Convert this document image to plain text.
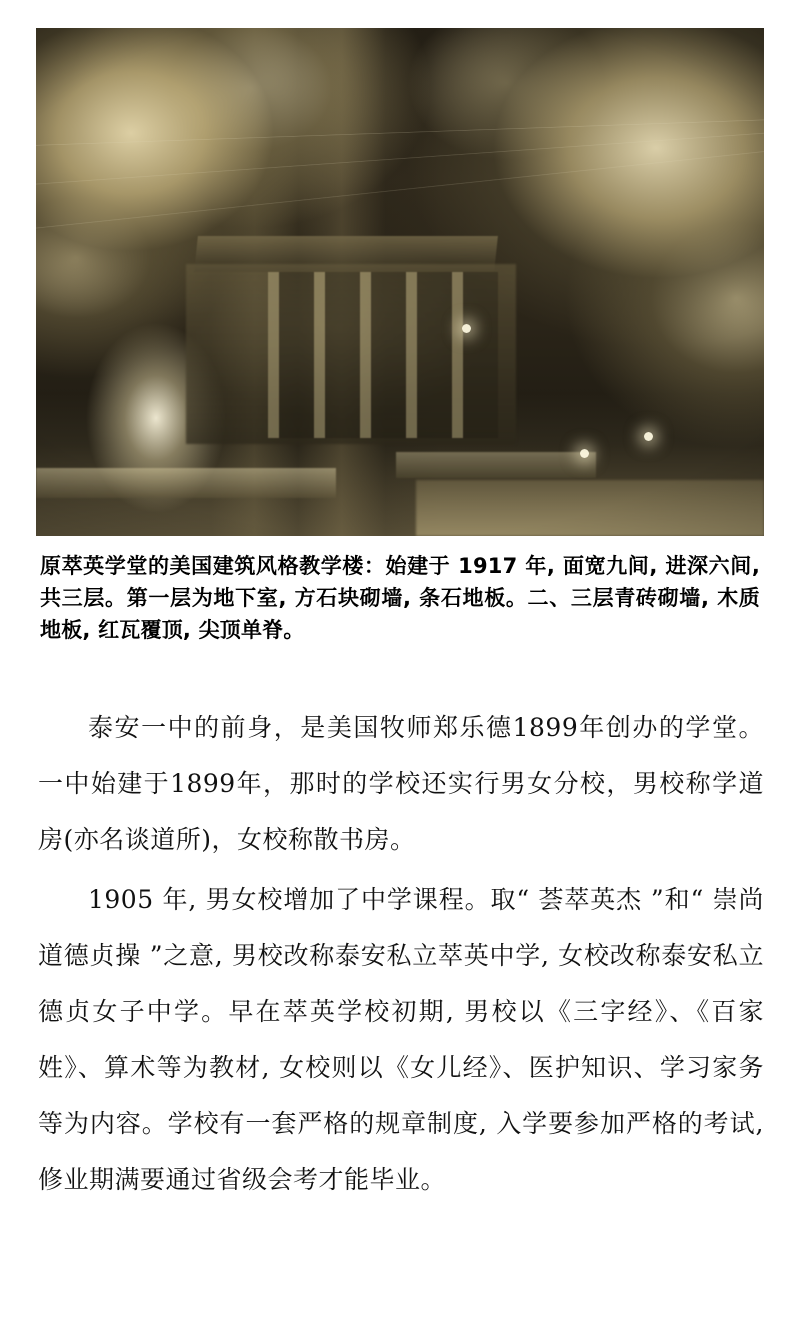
原萃英学堂的美国建筑风格教学楼：始建于 1917 年, 面宽九间, 进深六间, 共三层。第一层为地下室, 方石块砌墙, 条石地板。二、三层青砖砌墙, 木质地板, 红瓦覆顶, 尖顶单脊。

泰安一中的前身，是美国牧师郑乐德1899年创办的学堂。一中始建于1899年，那时的学校还实行男女分校，男校称学道房(亦名谈道所)，女校称散书房。

1905 年, 男女校增加了中学课程。取“ 荟萃英杰 ”和“ 崇尚道德贞操 ”之意, 男校改称泰安私立萃英中学, 女校改称泰安私立德贞女子中学。早在萃英学校初期, 男校以《三字经》、《百家姓》、算术等为教材, 女校则以《女儿经》、医护知识、学习家务等为内容。学校有一套严格的规章制度, 入学要参加严格的考试, 修业期满要通过省级会考才能毕业。
